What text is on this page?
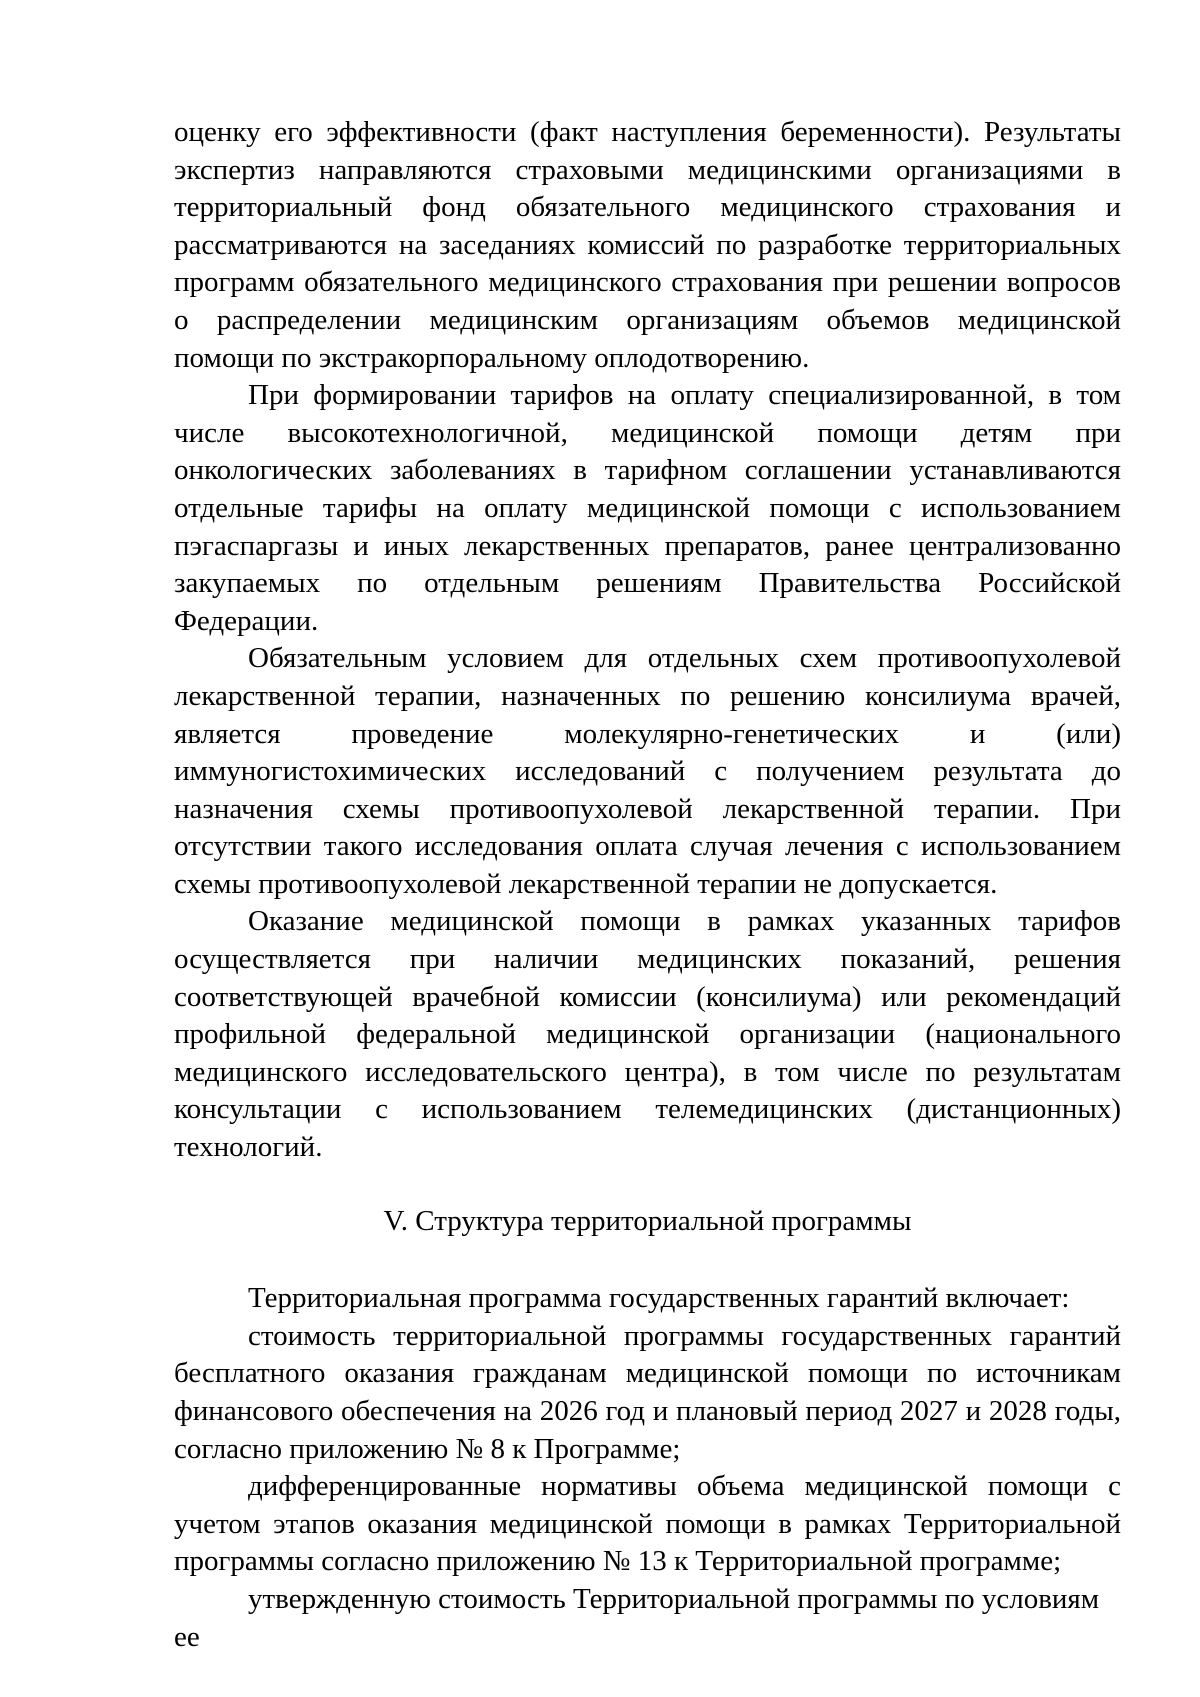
оценку его эффективности (факт наступления беременности). Результаты экспертиз направляются страховыми медицинскими организациями в территориальный фонд обязательного медицинского страхования и рассматриваются на заседаниях комиссий по разработке территориальных программ обязательного медицинского страхования при решении вопросов о распределении медицинским организациям объемов медицинской помощи по экстракорпоральному оплодотворению.

При формировании тарифов на оплату специализированной, в том числе высокотехнологичной, медицинской помощи детям при онкологических заболеваниях в тарифном соглашении устанавливаются отдельные тарифы на оплату медицинской помощи с использованием пэгаспаргазы и иных лекарственных препаратов, ранее централизованно закупаемых по отдельным решениям Правительства Российской Федерации.

Обязательным условием для отдельных схем противоопухолевой лекарственной терапии, назначенных по решению консилиума врачей, является проведение молекулярно-генетических и (или) иммуногистохимических исследований с получением результата до назначения схемы противоопухолевой лекарственной терапии. При отсутствии такого исследования оплата случая лечения с использованием схемы противоопухолевой лекарственной терапии не допускается.

Оказание медицинской помощи в рамках указанных тарифов осуществляется при наличии медицинских показаний, решения соответствующей врачебной комиссии (консилиума) или рекомендаций профильной федеральной медицинской организации (национального медицинского исследовательского центра), в том числе по результатам консультации с использованием телемедицинских (дистанционных) технологий.

V. Структура территориальной программы

Территориальная программа государственных гарантий включает:

стоимость территориальной программы государственных гарантий бесплатного оказания гражданам медицинской помощи по источникам финансового обеспечения на 2026 год и плановый период 2027 и 2028 годы, согласно приложению № 8 к Программе;

дифференцированные нормативы объема медицинской помощи с учетом этапов оказания медицинской помощи в рамках Территориальной программы согласно приложению № 13 к Территориальной программе;

утвержденную стоимость Территориальной программы по условиям ее
